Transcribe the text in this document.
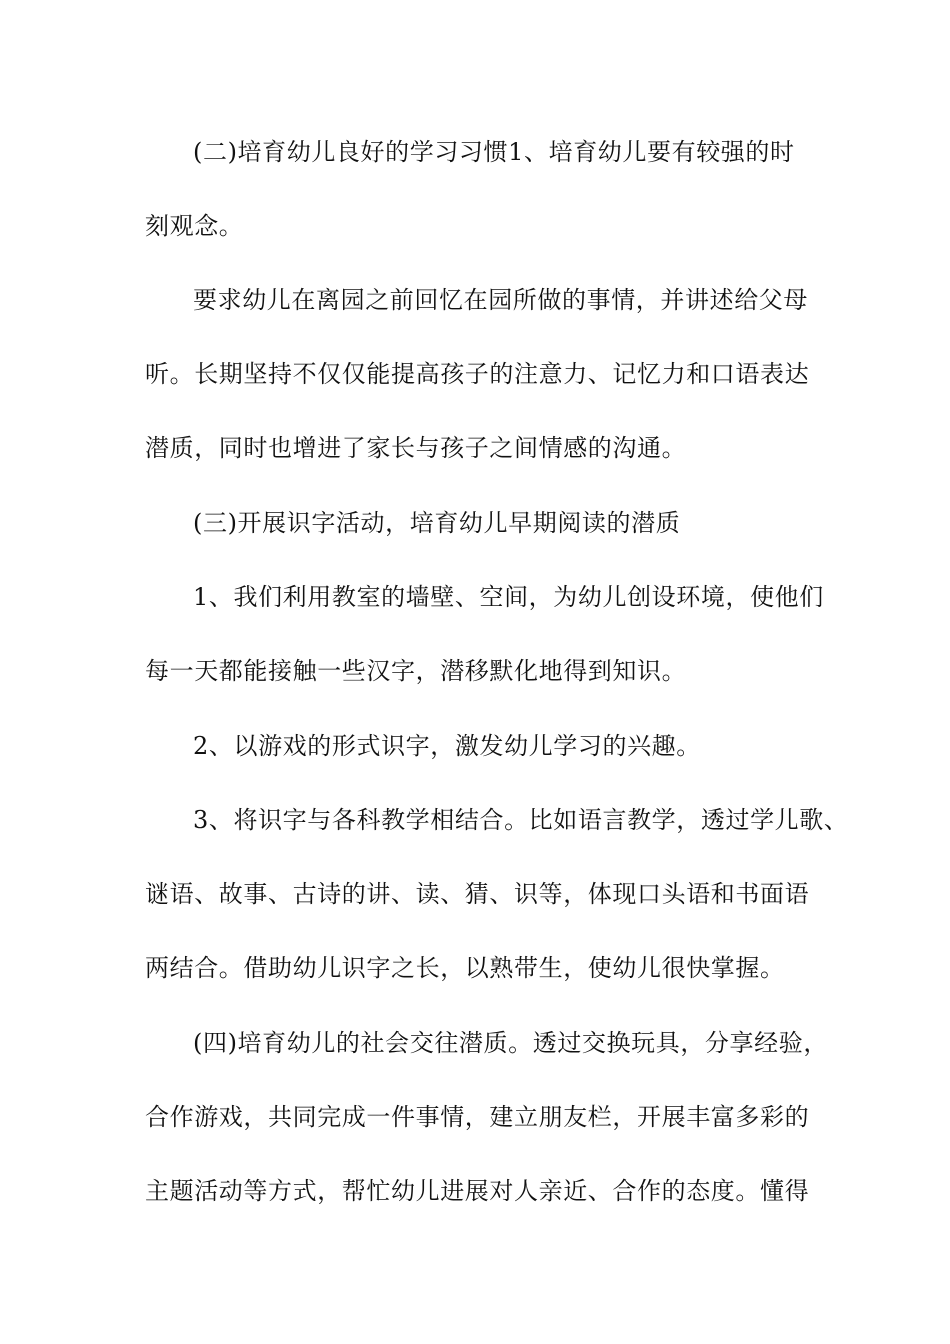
(二)培育幼儿良好的学习习惯1、培育幼儿要有较强的时
刻观念。
要求幼儿在离园之前回忆在园所做的事情，并讲述给父母
听。长期坚持不仅仅能提高孩子的注意力、记忆力和口语表达
潜质，同时也增进了家长与孩子之间情感的沟通。
(三)开展识字活动，培育幼儿早期阅读的潜质
1、我们利用教室的墙壁、空间，为幼儿创设环境，使他们
每一天都能接触一些汉字，潜移默化地得到知识。
2、以游戏的形式识字，激发幼儿学习的兴趣。
3、将识字与各科教学相结合。比如语言教学，透过学儿歌、
谜语、故事、古诗的讲、读、猜、识等，体现口头语和书面语
两结合。借助幼儿识字之长，以熟带生，使幼儿很快掌握。
(四)培育幼儿的社会交往潜质。透过交换玩具，分享经验，
合作游戏，共同完成一件事情，建立朋友栏，开展丰富多彩的
主题活动等方式，帮忙幼儿进展对人亲近、合作的态度。懂得
